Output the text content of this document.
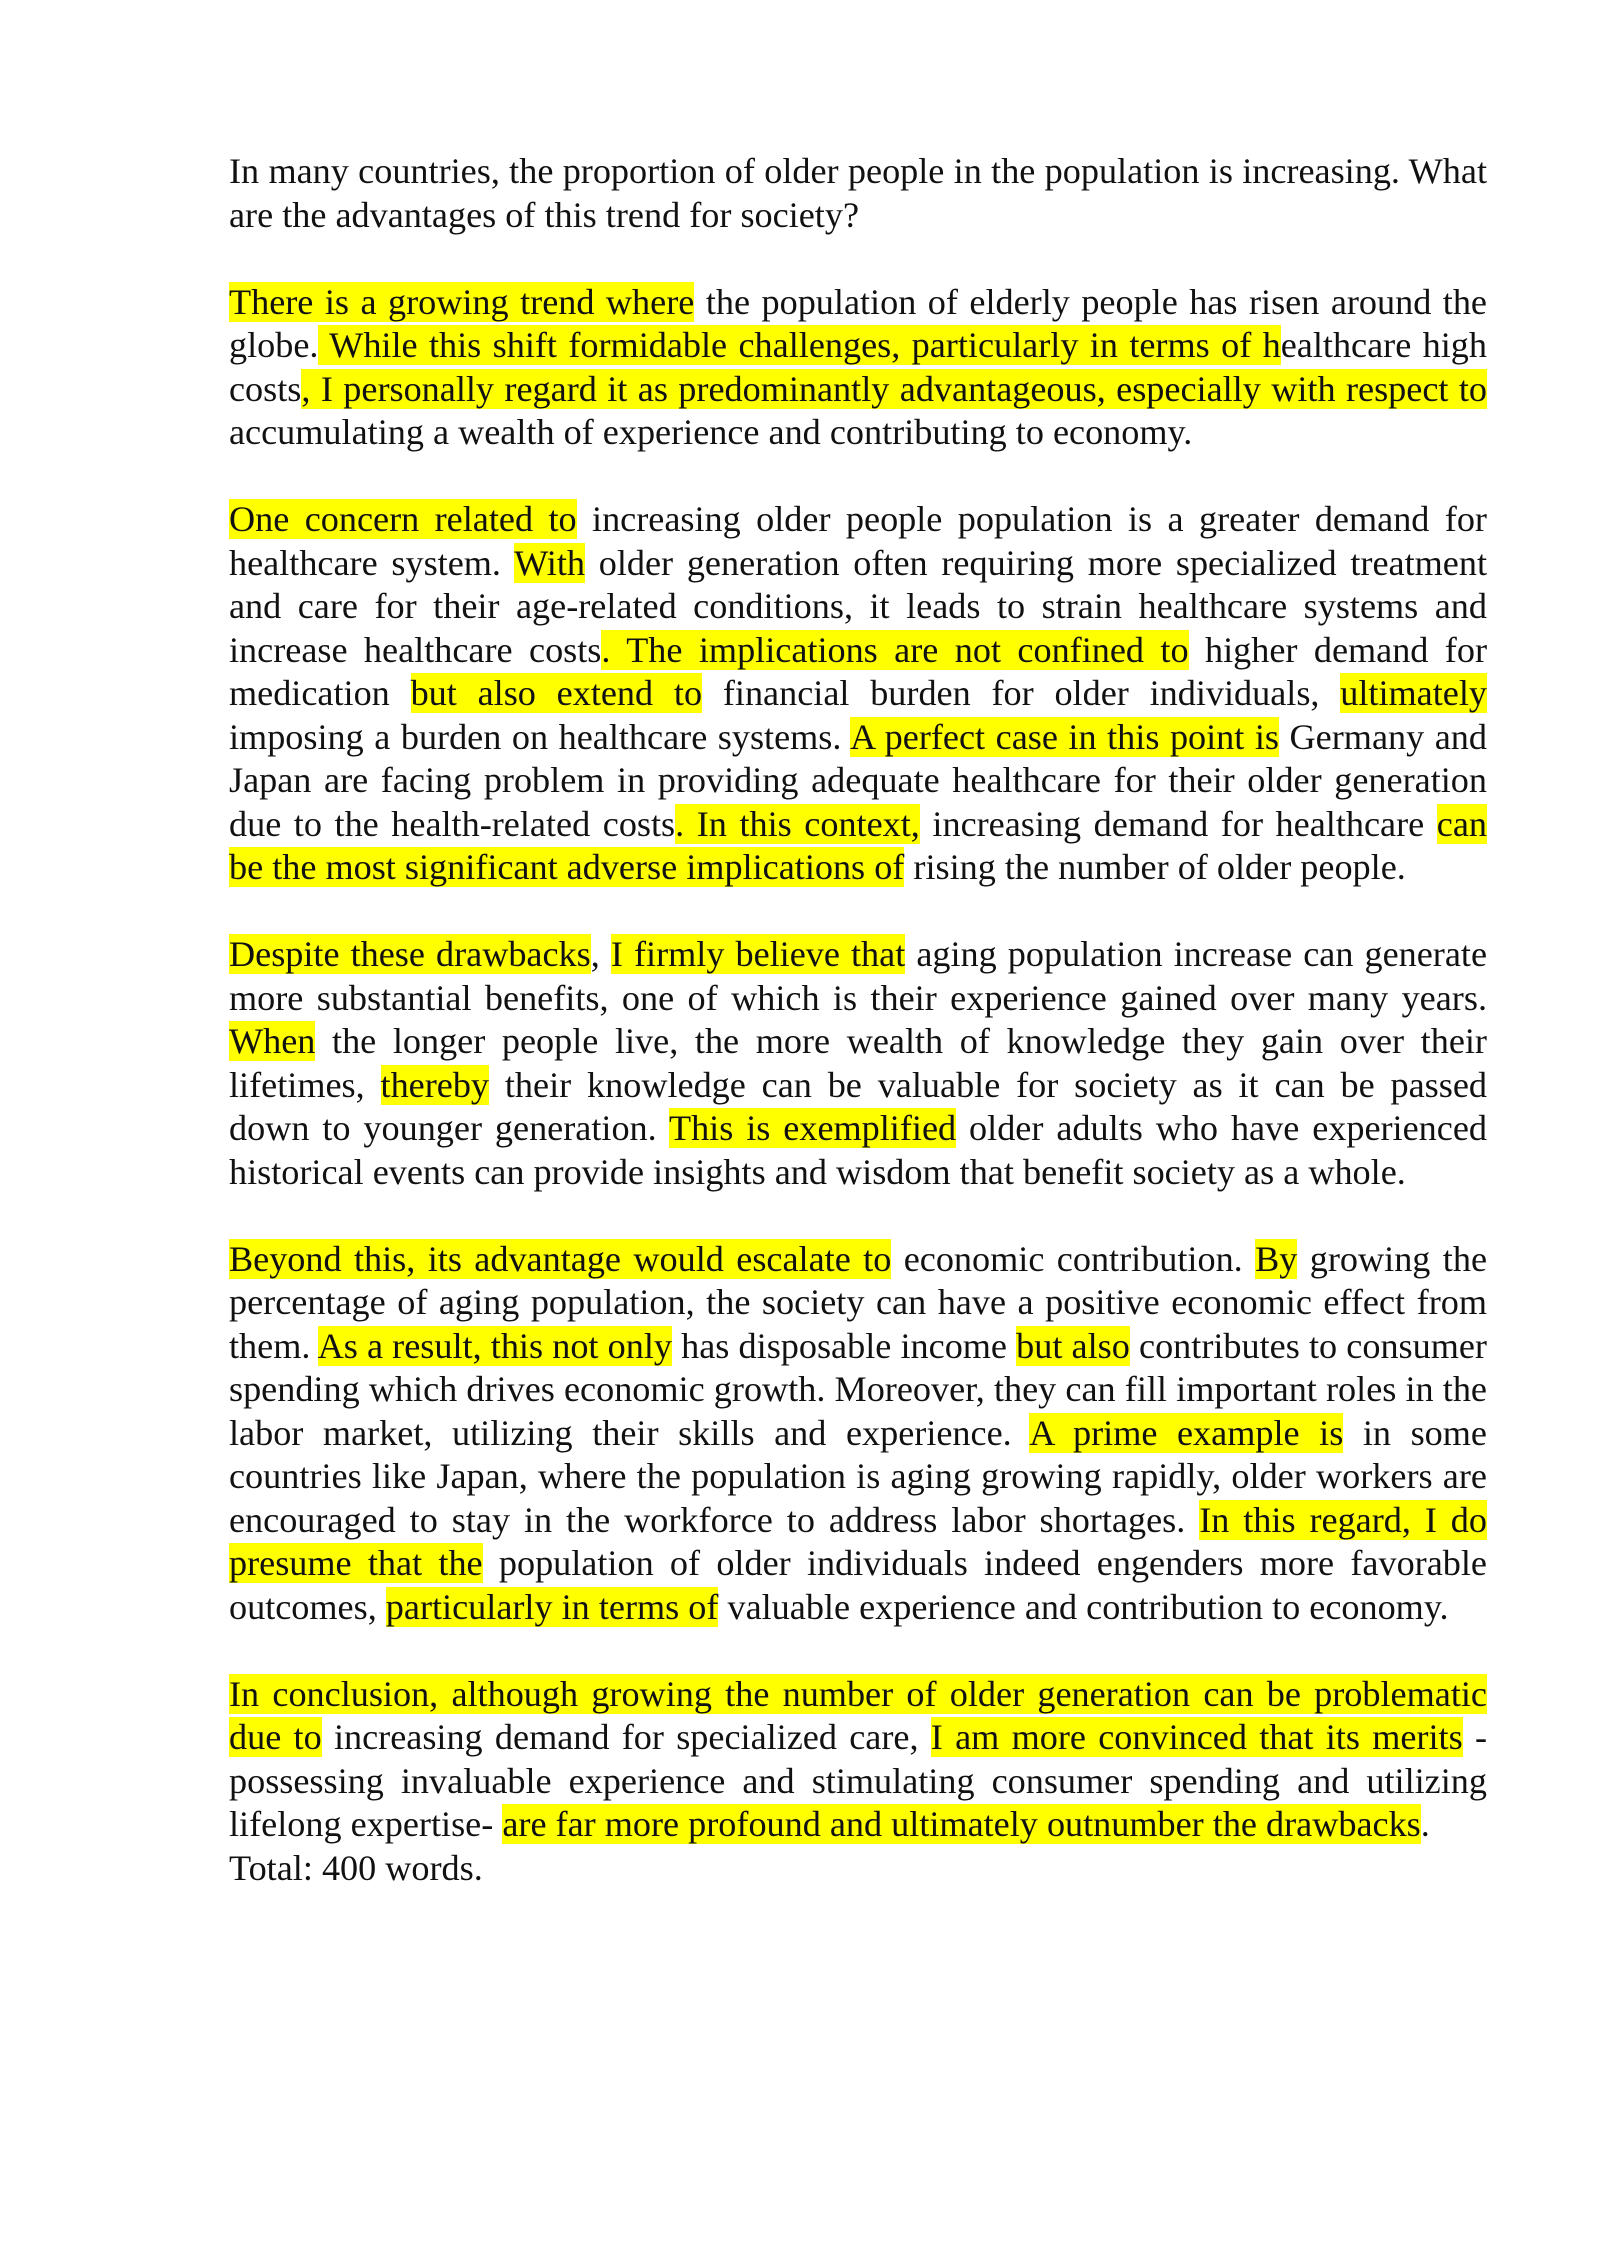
In many countries, the proportion of older people in the population is increasing. What are the advantages of this trend for society?

There is a growing trend where the population of elderly people has risen around the globe. While this shift formidable challenges, particularly in terms of healthcare high costs, I personally regard it as predominantly advantageous, especially with respect to accumulating a wealth of experience and contributing to economy.

One concern related to increasing older people population is a greater demand for healthcare system. With older generation often requiring more specialized treatment and care for their age-related conditions, it leads to strain healthcare systems and increase healthcare costs. The implications are not confined to higher demand for medication but also extend to financial burden for older individuals, ultimately imposing a burden on healthcare systems. A perfect case in this point is Germany and Japan are facing problem in providing adequate healthcare for their older generation due to the health-related costs. In this context, increasing demand for healthcare can be the most significant adverse implications of rising the number of older people.

Despite these drawbacks, I firmly believe that aging population increase can generate more substantial benefits, one of which is their experience gained over many years. When the longer people live, the more wealth of knowledge they gain over their lifetimes, thereby their knowledge can be valuable for society as it can be passed down to younger generation. This is exemplified older adults who have experienced historical events can provide insights and wisdom that benefit society as a whole.

Beyond this, its advantage would escalate to economic contribution. By growing the percentage of aging population, the society can have a positive economic effect from them. As a result, this not only has disposable income but also contributes to consumer spending which drives economic growth. Moreover, they can fill important roles in the labor market, utilizing their skills and experience. A prime example is in some countries like Japan, where the population is aging growing rapidly, older workers are encouraged to stay in the workforce to address labor shortages. In this regard, I do presume that the population of older individuals indeed engenders more favorable outcomes, particularly in terms of valuable experience and contribution to economy.

In conclusion, although growing the number of older generation can be problematic due to increasing demand for specialized care, I am more convinced that its merits - possessing invaluable experience and stimulating consumer spending and utilizing lifelong expertise- are far more profound and ultimately outnumber the drawbacks.

Total: 400 words.
